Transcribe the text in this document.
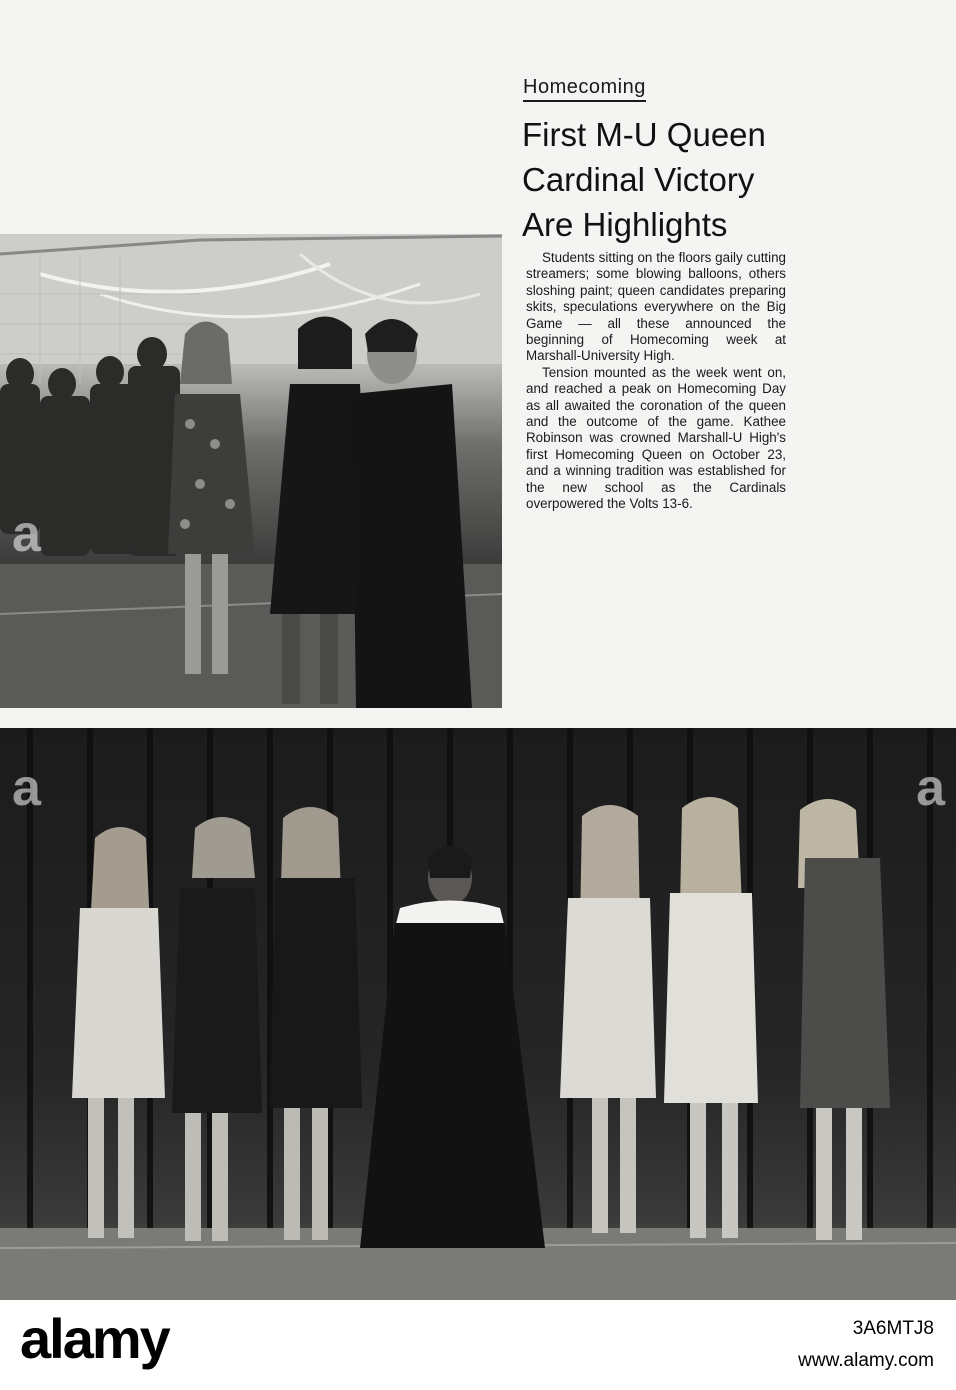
Homecoming
First M-U Queen
Cardinal Victory
Are Highlights

Students sitting on the floors gaily cutting streamers; some blowing balloons, others sloshing paint; queen candidates preparing skits, speculations everywhere on the Big Game — all these announced the beginning of Homecoming week at Marshall-University High.

Tension mounted as the week went on, and reached a peak on Homecoming Day as all awaited the coronation of the queen and the outcome of the game. Kathee Robinson was crowned Marshall-U High's first Homecoming Queen on October 23, and a winning tradition was established for the new school as the Cardinals overpowered the Volts 13-6.

a
a	a
alamy	3A6MTJ8
www.alamy.com
